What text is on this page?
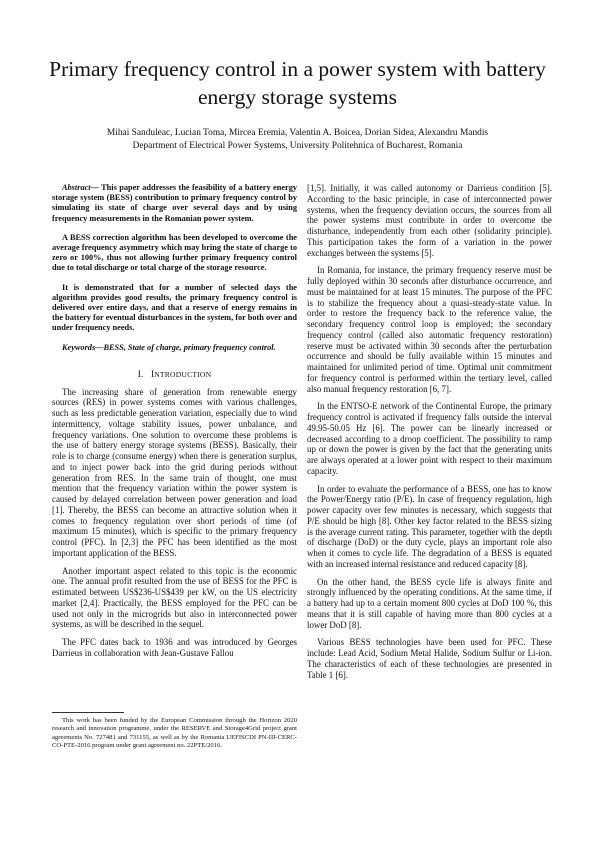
Primary frequency control in a power system with battery energy storage systems
Mihai Sanduleac, Lucian Toma, Mircea Eremia, Valentin A. Boicea, Dorian Sidea, Alexandru Mandis
Department of Electrical Power Systems, University Politehnica of Bucharest, Romania

Abstract— This paper addresses the feasibility of a battery energy storage system (BESS) contribution to primary frequency control by simulating its state of charge over several days and by using frequency measurements in the Romanian power system.

A BESS correction algorithm has been developed to overcome the average frequency asymmetry which may bring the state of charge to zero or 100%, thus not allowing further primary frequency control due to total discharge or total charge of the storage resource.

It is demonstrated that for a number of selected days the algorithm provides good results, the primary frequency control is delivered over entire days, and that a reserve of energy remains in the battery for eventual disturbances in the system, for both over and under frequency needs.

Keywords—BESS, State of charge, primary frequency control.

I. INTRODUCTION

The increasing share of generation from renewable energy sources (RES) in power systems comes with various challenges, such as less predictable generation variation, especially due to wind intermittency, voltage stability issues, power unbalance, and frequency variations. One solution to overcome these problems is the use of battery energy storage systems (BESS). Basically, their role is to charge (consume energy) when there is generation surplus, and to inject power back into the grid during periods without generation from RES. In the same train of thought, one must mention that the frequency variation within the power system is caused by delayed correlation between power generation and load [1]. Thereby, the BESS can become an attractive solution when it comes to frequency regulation over short periods of time (of maximum 15 minutes), which is specific to the primary frequency control (PFC). In [2,3] the PFC has been identified as the most important application of the BESS.

Another important aspect related to this topic is the economic one. The annual profit resulted from the use of BESS for the PFC is estimated between US$236-US$439 per kW, on the US electricity market [2,4]. Practically, the BESS employed for the PFC can be used not only in the microgrids but also in interconnected power systems, as will be described in the sequel.

The PFC dates back to 1936 and was introduced by Georges Darrieus in collaboration with Jean-Gustave Fallou

This work has been funded by the European Commission through the Horizon 2020 research and innovation programme, under the RESERVE and Storage4Grid project grant agreements No. 727481 and 731155, as well as by the Romania UEFISCDI PN-III-CERC-CO-PTE-2016 program under grant agreement no. 22PTE/2016.

[1,5]. Initially, it was called autonomy or Darrieus condition [5]. According to the basic principle, in case of interconnected power systems, when the frequency deviation occurs, the sources from all the power systems must contribute in order to overcome the disturbance, independently from each other (solidarity principle). This participation takes the form of a variation in the power exchanges between the systems [5].

In Romania, for instance, the primary frequency reserve must be fully deployed within 30 seconds after disturbance occurrence, and must be maintained for at least 15 minutes. The purpose of the PFC is to stabilize the frequency about a quasi-steady-state value. In order to restore the frequency back to the reference value, the secondary frequency control loop is employed; the secondary frequency control (called also automatic frequency restoration) reserve must be activated within 30 seconds after the perturbation occurrence and should be fully available within 15 minutes and maintained for unlimited period of time. Optimal unit commitment for frequency control is performed within the tertiary level, called also manual frequency restoration [6, 7].

In the ENTSO-E network of the Continental Europe, the primary frequency control is activated if frequency falls outside the interval 49.95-50.05 Hz [6]. The power can be linearly increased or decreased according to a droop coefficient. The possibility to ramp up or down the power is given by the fact that the generating units are always operated at a lower point with respect to their maximum capacity.

In order to evaluate the performance of a BESS, one has to know the Power/Energy ratio (P/E). In case of frequency regulation, high power capacity over few minutes is necessary, which suggests that P/E should be high [8]. Other key factor related to the BESS sizing is the average current rating. This parameter, together with the depth of discharge (DoD) or the duty cycle, plays an important role also when it comes to cycle life. The degradation of a BESS is equated with an increased internal resistance and reduced capacity [8].

On the other hand, the BESS cycle life is always finite and strongly influenced by the operating conditions. At the same time, if a battery had up to a certain moment 800 cycles at DoD 100 %, this means that it is still capable of having more than 800 cycles at a lower DoD [8].

Various BESS technologies have been used for PFC. These include: Lead Acid, Sodium Metal Halide, Sodium Sulfur or Li-ion. The characteristics of each of these technologies are presented in Table 1 [6].
